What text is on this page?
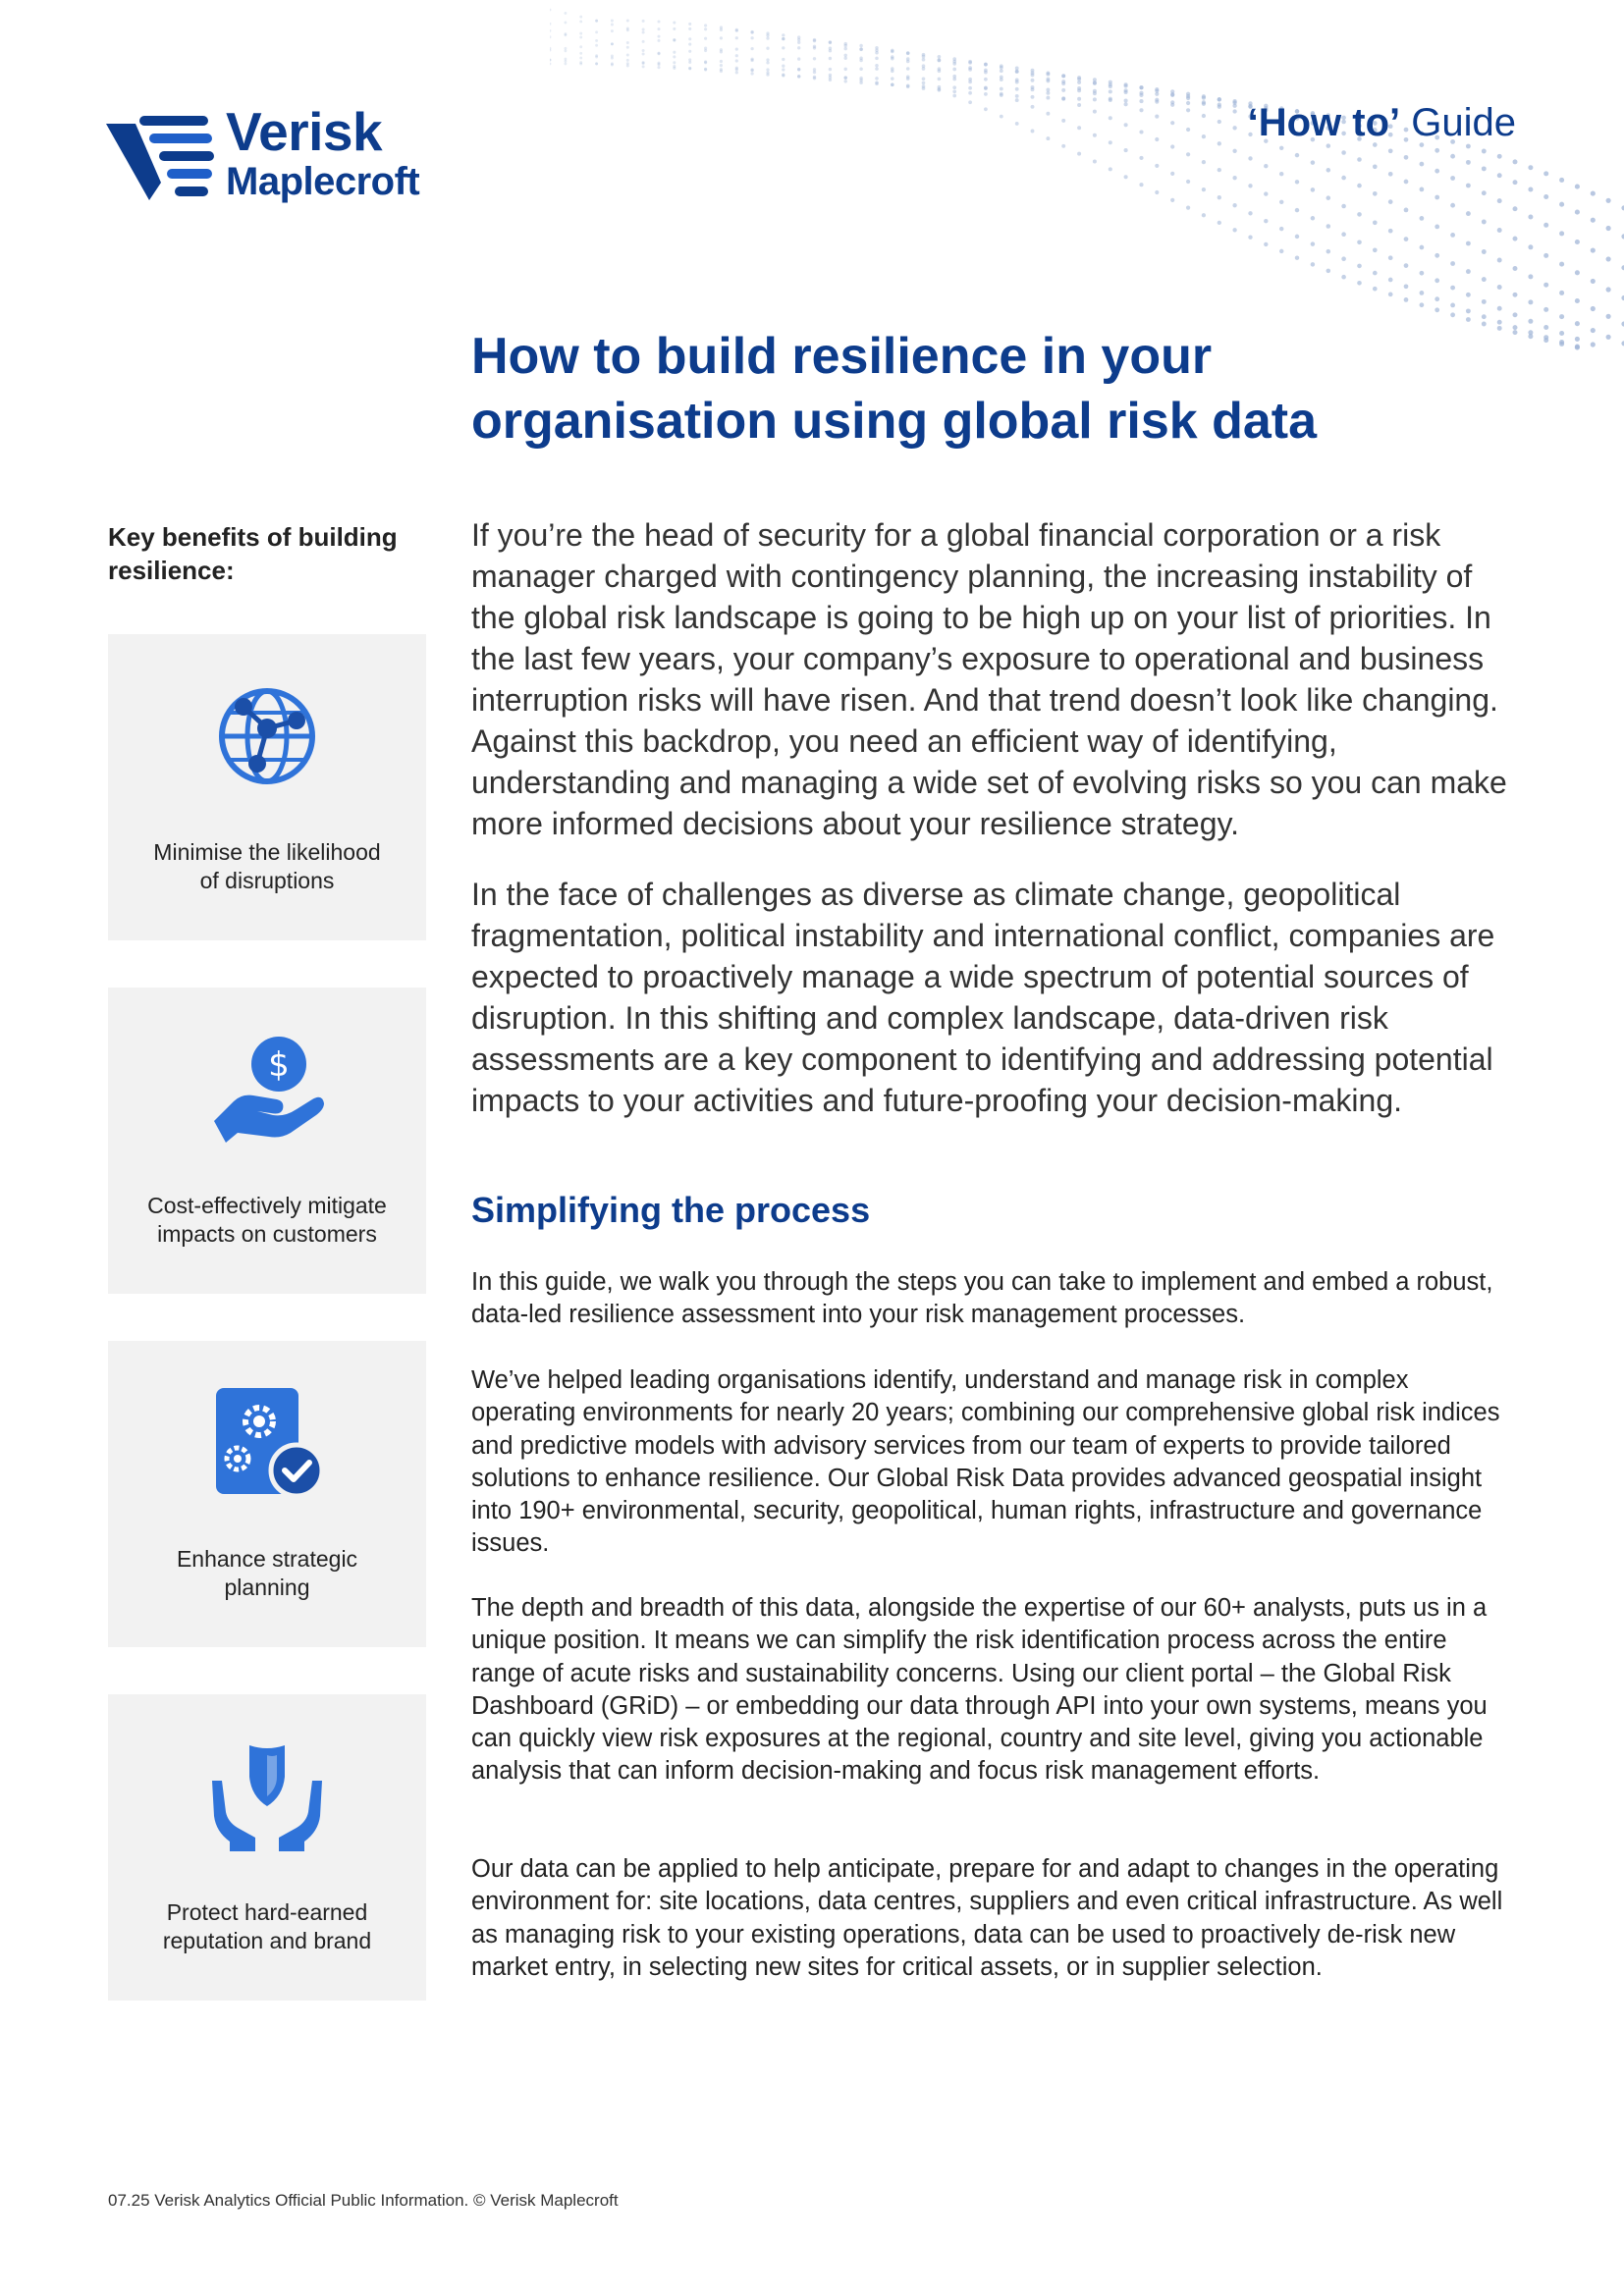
Verisk
Maplecroft
‘How to’ Guide
How to build resilience in your
organisation using global risk data

Key benefits of building resilience:

Minimise the likelihood
of disruptions
$
Cost-effectively mitigate
impacts on customers
Enhance strategic
planning
Protect hard-earned
reputation and brand

If you’re the head of security for a global financial corporation or a risk manager charged with contingency planning, the increasing instability of the global risk landscape is going to be high up on your list of priorities. In the last few years, your company’s exposure to operational and business interruption risks will have risen. And that trend doesn’t look like changing. Against this backdrop, you need an efficient way of identifying, understanding and managing a wide set of evolving risks so you can make more informed decisions about your resilience strategy.

In the face of challenges as diverse as climate change, geopolitical fragmentation, political instability and international conflict, companies are expected to proactively manage a wide spectrum of potential sources of disruption. In this shifting and complex landscape, data-driven risk assessments are a key component to identifying and addressing potential impacts to your activities and future-proofing your decision-making.

Simplifying the process

In this guide, we walk you through the steps you can take to implement and embed a robust, data-led resilience assessment into your risk management processes.

We’ve helped leading organisations identify, understand and manage risk in complex operating environments for nearly 20 years; combining our comprehensive global risk indices and predictive models with advisory services from our team of experts to provide tailored solutions to enhance resilience. Our Global Risk Data provides advanced geospatial insight into 190+ environmental, security, geopolitical, human rights, infrastructure and governance issues.

The depth and breadth of this data, alongside the expertise of our 60+ analysts, puts us in a unique position. It means we can simplify the risk identification process across the entire range of acute risks and sustainability concerns. Using our client portal – the Global Risk Dashboard (GRiD) – or embedding our data through API into your own systems, means you can quickly view risk exposures at the regional, country and site level, giving you actionable analysis that can inform decision-making and focus risk management efforts.

Our data can be applied to help anticipate, prepare for and adapt to changes in the operating environment for: site locations, data centres, suppliers and even critical infrastructure. As well as managing risk to your existing operations, data can be used to proactively de-risk new market entry, in selecting new sites for critical assets, or in supplier selection.

07.25 Verisk Analytics Official Public Information. © Verisk Maplecroft
